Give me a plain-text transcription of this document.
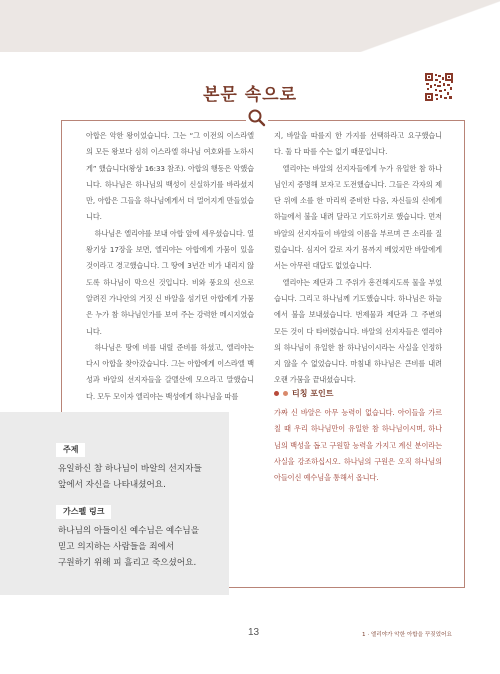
본문 속으로

아합은 악한 왕이었습니다. 그는 “그 이전의 이스라엘의 모든 왕보다 심히 이스라엘 하나님 여호와를 노하시게” 했습니다(왕상 16:33 참조). 아합의 행동은 악했습니다. 하나님은 하나님의 백성이 신실하기를 바라셨지만, 아합은 그들을 하나님에게서 더 멀어지게 만들었습니다.

하나님은 엘리야를 보내 아합 앞에 세우셨습니다. 열왕기상 17장을 보면, 엘리야는 아합에게 가뭄이 있을 것이라고 경고했습니다. 그 땅에 3년간 비가 내리지 않도록 하나님이 막으신 것입니다. 비와 풍요의 신으로 알려진 가나안의 거짓 신 바알을 섬기던 아합에게 가뭄은 누가 참 하나님인가를 보여 주는 강력한 메시지였습니다.

하나님은 땅에 비를 내릴 준비를 하셨고, 엘리야는 다시 아합을 찾아갔습니다. 그는 아합에게 이스라엘 백성과 바알의 선지자들을 갈멜산에 모으라고 말했습니다. 모두 모이자 엘리야는 백성에게 하나님을 따를

지, 바알을 따를지 한 가지를 선택하라고 요구했습니다. 둘 다 따를 수는 없기 때문입니다.

엘리야는 바알의 선지자들에게 누가 유일한 참 하나님인지 증명해 보자고 도전했습니다. 그들은 각자의 제단 위에 소를 한 마리씩 준비한 다음, 자신들의 신에게 하늘에서 불을 내려 달라고 기도하기로 했습니다. 먼저 바알의 선지자들이 바알의 이름을 부르며 큰 소리를 질렀습니다. 심지어 칼로 자기 몸까지 베었지만 바알에게서는 아무런 대답도 없었습니다.

엘리야는 제단과 그 주위가 흥건해지도록 물을 부었습니다. 그리고 하나님께 기도했습니다. 하나님은 하늘에서 불을 보내셨습니다. 번제물과 제단과 그 주변의 모든 것이 다 타버렸습니다. 바알의 선지자들은 엘리야의 하나님이 유일한 참 하나님이시라는 사실을 인정하지 않을 수 없었습니다. 마침내 하나님은 큰비를 내려 오랜 가뭄을 끝내셨습니다.

티칭 포인트
가짜 신 바알은 아무 능력이 없습니다. 아이들을 가르칠 때 우리 하나님만이 유일한 참 하나님이시며, 하나님의 백성을 돕고 구원할 능력을 가지고 계신 분이라는 사실을 강조하십시오. 하나님의 구원은 오직 하나님의 아들이신 예수님을 통해서 옵니다.
주제
유일하신 참 하나님이 바알의 선지자들
앞에서 자신을 나타내셨어요.
가스펠 링크
하나님의 아들이신 예수님은 예수님을
믿고 의지하는 사람들을 죄에서
구원하기 위해 피 흘리고 죽으셨어요.
13	1 · 엘리야가 악한 아합을 꾸짖었어요
